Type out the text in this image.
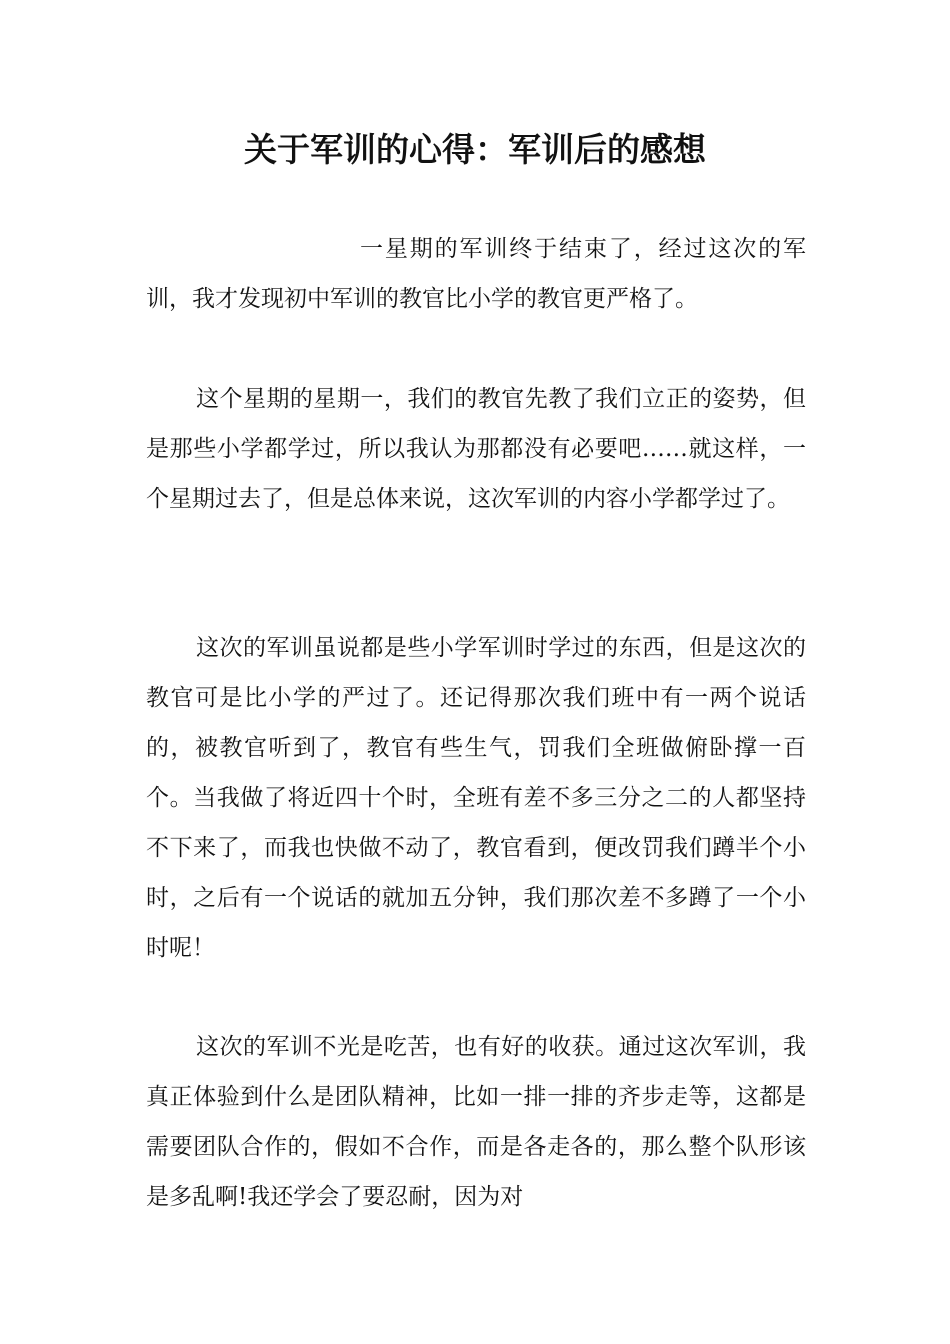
关于军训的心得：军训后的感想

一星期的军训终于结束了，经过这次的军训，我才发现初中军训的教官比小学的教官更严格了。

这个星期的星期一，我们的教官先教了我们立正的姿势，但是那些小学都学过，所以我认为那都没有必要吧……就这样，一个星期过去了，但是总体来说，这次军训的内容小学都学过了。

这次的军训虽说都是些小学军训时学过的东西，但是这次的教官可是比小学的严过了。还记得那次我们班中有一两个说话的，被教官听到了，教官有些生气，罚我们全班做俯卧撑一百个。当我做了将近四十个时，全班有差不多三分之二的人都坚持不下来了，而我也快做不动了，教官看到，便改罚我们蹲半个小时，之后有一个说话的就加五分钟，我们那次差不多蹲了一个小时呢！

这次的军训不光是吃苦，也有好的收获。通过这次军训，我真正体验到什么是团队精神，比如一排一排的齐步走等，这都是需要团队合作的，假如不合作，而是各走各的，那么整个队形该是多乱啊!我还学会了要忍耐，因为对
